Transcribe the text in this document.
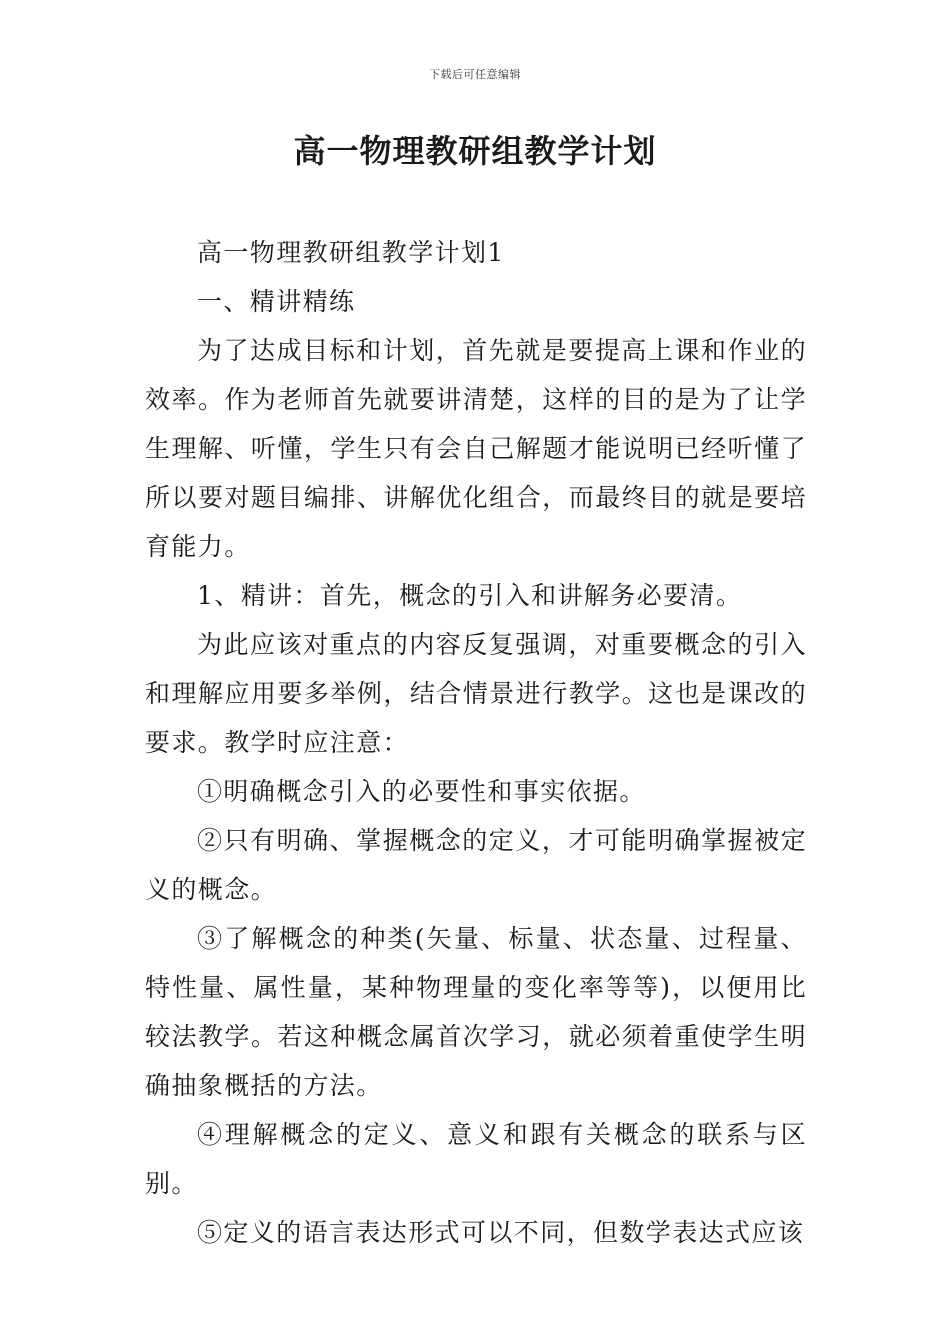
下载后可任意编辑
高一物理教研组教学计划

高一物理教研组教学计划1

一、精讲精练

为了达成目标和计划，首先就是要提高上课和作业的效率。作为老师首先就要讲清楚，这样的目的是为了让学生理解、听懂，学生只有会自己解题才能说明已经听懂了所以要对题目编排、讲解优化组合，而最终目的就是要培育能力。

1、精讲：首先，概念的引入和讲解务必要清。

为此应该对重点的内容反复强调，对重要概念的引入和理解应用要多举例，结合情景进行教学。这也是课改的要求。教学时应注意：

①明确概念引入的必要性和事实依据。

②只有明确、掌握概念的定义，才可能明确掌握被定义的概念。

③了解概念的种类(矢量、标量、状态量、过程量、特性量、属性量，某种物理量的变化率等等)，以便用比较法教学。若这种概念属首次学习，就必须着重使学生明确抽象概括的方法。

④理解概念的定义、意义和跟有关概念的联系与区别。

⑤定义的语言表达形式可以不同，但数学表达式应该
